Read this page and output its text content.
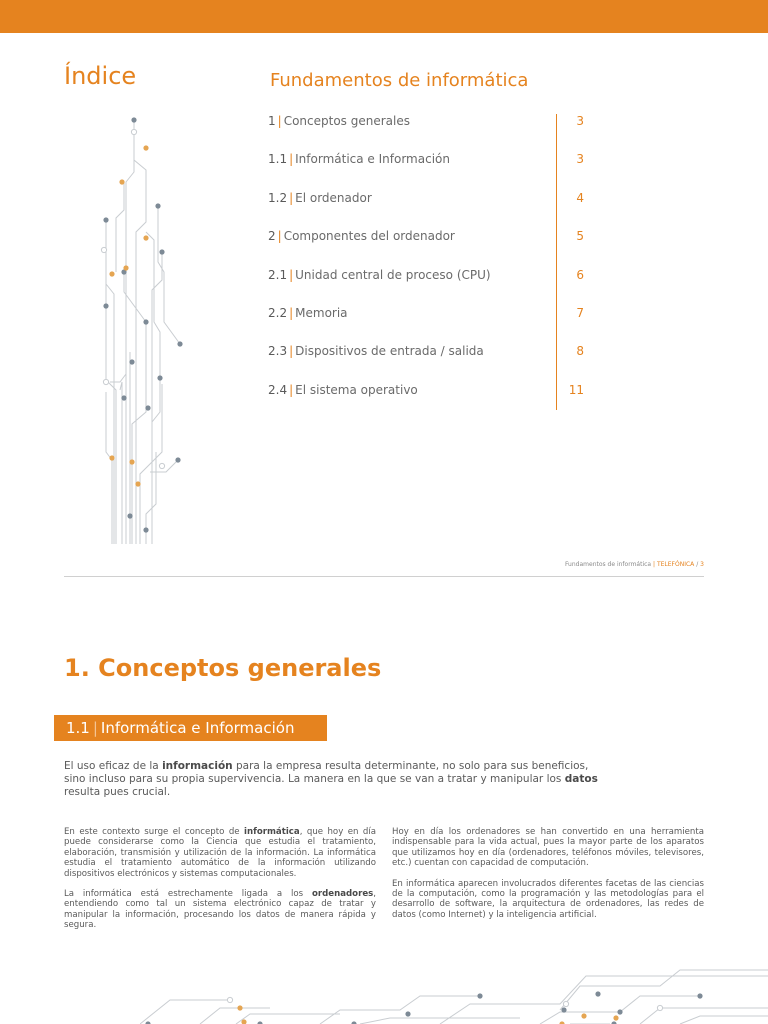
Índice	Fundamentos de informática
1 | Conceptos generales	3
1.1 | Informática e Información	3
1.2 | El ordenador	4
2 | Componentes del ordenador	5
2.1 | Unidad central de proceso (CPU)	6
2.2 | Memoria	7
2.3 | Dispositivos de entrada / salida	8
2.4 | El sistema operativo	11
Fundamentos de informática | TELEFÓNICA / 3
1. Conceptos generales
1.1 | Informática e Información
El uso eficaz de la información para la empresa resulta determinante, no solo para sus beneficios, sino incluso para su propia supervivencia. La manera en la que se van a tratar y manipular los datos resulta pues crucial.

En este contexto surge el concepto de informática, que hoy en día puede considerarse como la Ciencia que estudia el tratamiento, elaboración, transmisión y utilización de la información. La informática estudia el tratamiento automático de la información utilizando dispositivos electrónicos y sistemas computacionales.

La informática está estrechamente ligada a los ordenadores, entendiendo como tal un sistema electrónico capaz de tratar y manipular la información, procesando los datos de manera rápida y segura.

Hoy en día los ordenadores se han convertido en una herramienta indispensable para la vida actual, pues la mayor parte de los aparatos que utilizamos hoy en día (ordenadores, teléfonos móviles, televisores, etc.) cuentan con capacidad de computación.

En informática aparecen involucrados diferentes facetas de las ciencias de la computación, como la programación y las metodologías para el desarrollo de software, la arquitectura de ordenadores, las redes de datos (como Internet) y la inteligencia artificial.
